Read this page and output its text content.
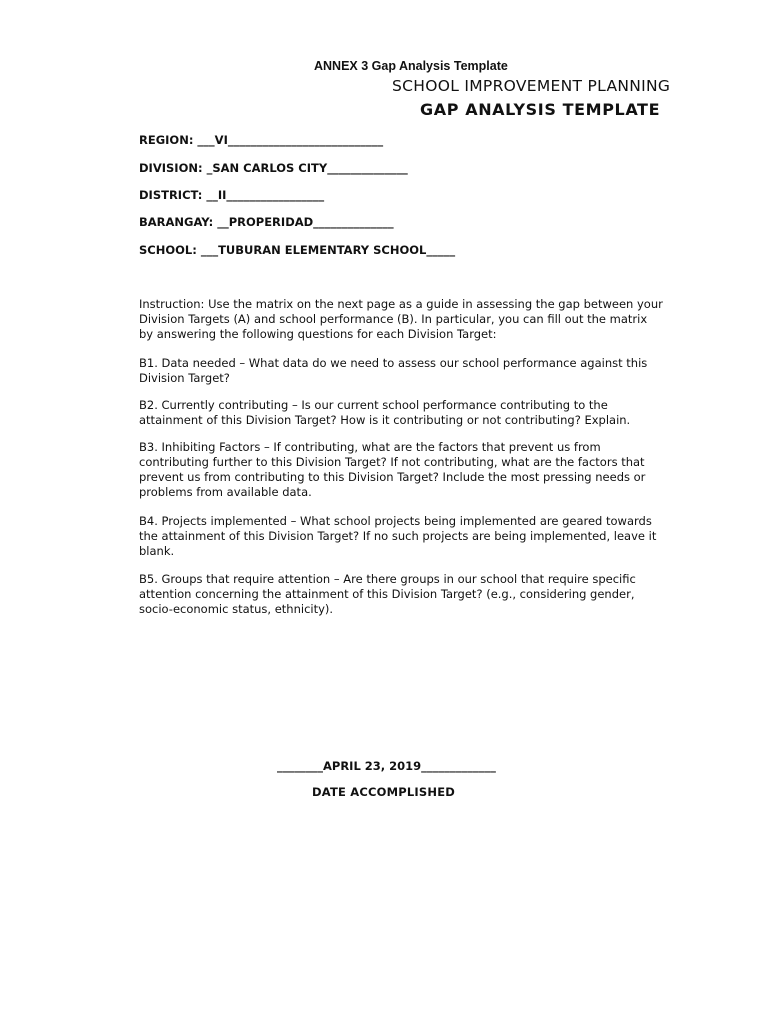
ANNEX 3 Gap Analysis Template
SCHOOL IMPROVEMENT PLANNING
GAP ANALYSIS TEMPLATE
REGION: ___VI___________________________
DIVISION: _SAN CARLOS CITY______________
DISTRICT: __II_________________
BARANGAY: __PROPERIDAD______________
SCHOOL: ___TUBURAN ELEMENTARY SCHOOL_____
Instruction: Use the matrix on the next page as a guide in assessing the gap between your Division Targets (A) and school performance (B). In particular, you can fill out the matrix by answering the following questions for each Division Target:
B1. Data needed – What data do we need to assess our school performance against this Division Target?
B2. Currently contributing – Is our current school performance contributing to the attainment of this Division Target? How is it contributing or not contributing? Explain.
B3. Inhibiting Factors – If contributing, what are the factors that prevent us from contributing further to this Division Target? If not contributing, what are the factors that prevent us from contributing to this Division Target? Include the most pressing needs or problems from available data.
B4. Projects implemented – What school projects being implemented are geared towards the attainment of this Division Target? If no such projects are being implemented, leave it blank.
B5. Groups that require attention – Are there groups in our school that require specific attention concerning the attainment of this Division Target? (e.g., considering gender, socio-economic status, ethnicity).
________APRIL 23, 2019_____________
DATE ACCOMPLISHED
